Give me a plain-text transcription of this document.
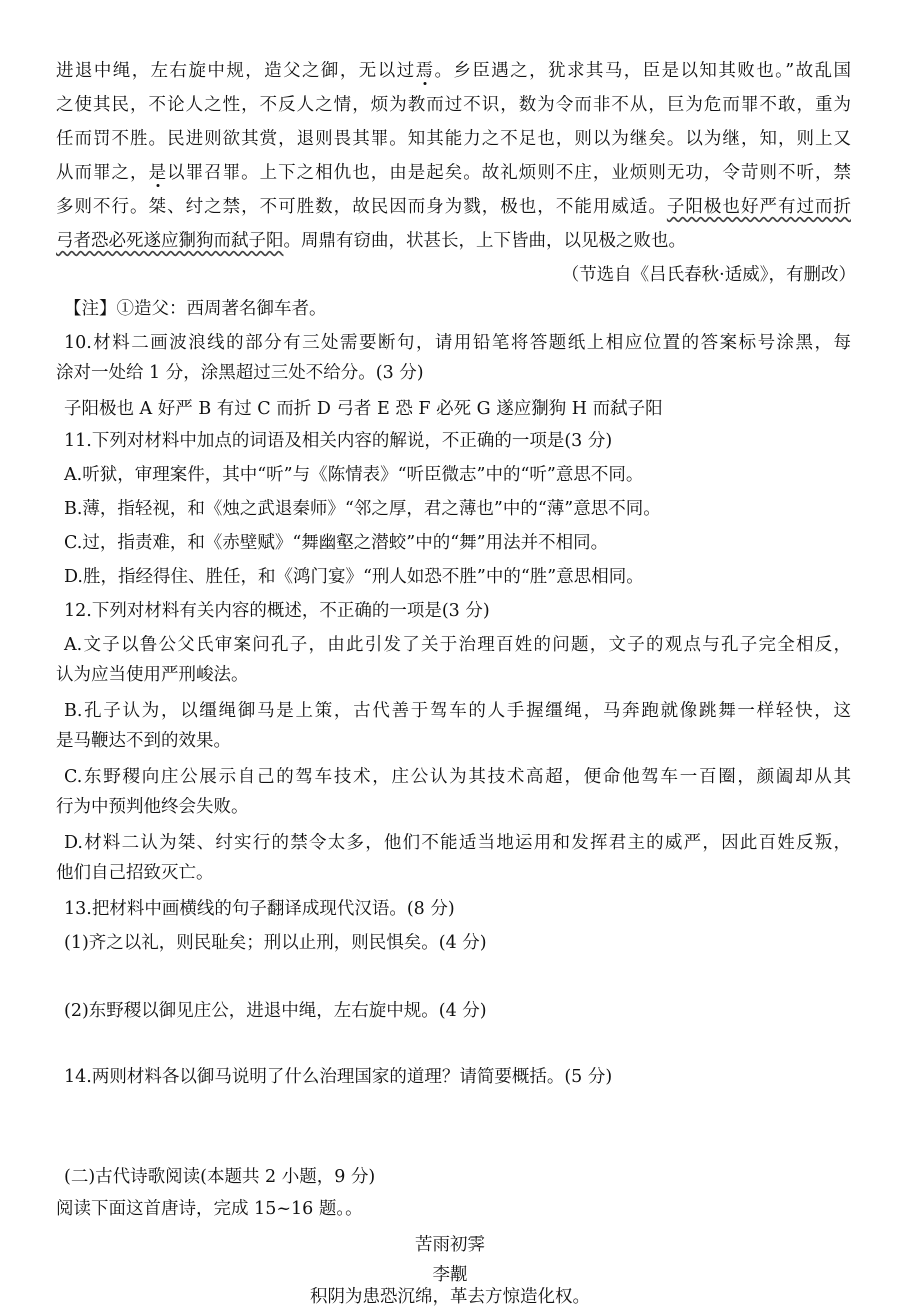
进退中绳，左右旋中规，造父之御，无以过焉。乡臣遇之，犹求其马，臣是以知其败也。”故乱国
之使其民，不论人之性，不反人之情，烦为教而过不识，数为令而非不从，巨为危而罪不敢，重为
任而罚不胜。民进则欲其赏，退则畏其罪。知其能力之不足也，则以为继矣。以为继，知，则上又
从而罪之，是以罪召罪。上下之相仇也，由是起矣。故礼烦则不庄，业烦则无功，令苛则不听，禁
多则不行。桀、纣之禁，不可胜数，故民因而身为戮，极也，不能用威适。子阳极也好严有过而折
弓者恐必死遂应猘狗而弑子阳。周鼎有窃曲，状甚长，上下皆曲，以见极之败也。
（节选自《吕氏春秋·适威》，有删改）
【注】①造父：西周著名御车者。
10.材料二画波浪线的部分有三处需要断句，请用铅笔将答题纸上相应位置的答案标号涂黑，每
涂对一处给 1 分，涂黑超过三处不给分。(3 分)
子阳极也 A 好严 B 有过 C 而折 D 弓者 E 恐 F 必死 G 遂应猘狗 H 而弑子阳
11.下列对材料中加点的词语及相关内容的解说，不正确的一项是(3 分)
A.听狱，审理案件，其中“听”与《陈情表》“听臣微志”中的“听”意思不同。
B.薄，指轻视，和《烛之武退秦师》“邻之厚，君之薄也”中的“薄”意思不同。
C.过，指责难，和《赤壁赋》“舞幽壑之潜蛟”中的“舞”用法并不相同。
D.胜，指经得住、胜任，和《鸿门宴》“刑人如恐不胜”中的“胜”意思相同。
12.下列对材料有关内容的概述，不正确的一项是(3 分)
A.文子以鲁公父氏审案问孔子，由此引发了关于治理百姓的问题，文子的观点与孔子完全相反，
认为应当使用严刑峻法。
B.孔子认为，以缰绳御马是上策，古代善于驾车的人手握缰绳，马奔跑就像跳舞一样轻快，这
是马鞭达不到的效果。
C.东野稷向庄公展示自己的驾车技术，庄公认为其技术高超，便命他驾车一百圈，颜阖却从其
行为中预判他终会失败。
D.材料二认为桀、纣实行的禁令太多，他们不能适当地运用和发挥君主的威严，因此百姓反叛，
他们自己招致灭亡。
13.把材料中画横线的句子翻译成现代汉语。(8 分)
(1)齐之以礼，则民耻矣；刑以止刑，则民惧矣。(4 分)
(2)东野稷以御见庄公，进退中绳，左右旋中规。(4 分)
14.两则材料各以御马说明了什么治理国家的道理？请简要概括。(5 分)
(二)古代诗歌阅读(本题共 2 小题，9 分)
阅读下面这首唐诗，完成 15~16 题。。
苦雨初霁
李觏
积阴为患恐沉绵，革去方惊造化权。
